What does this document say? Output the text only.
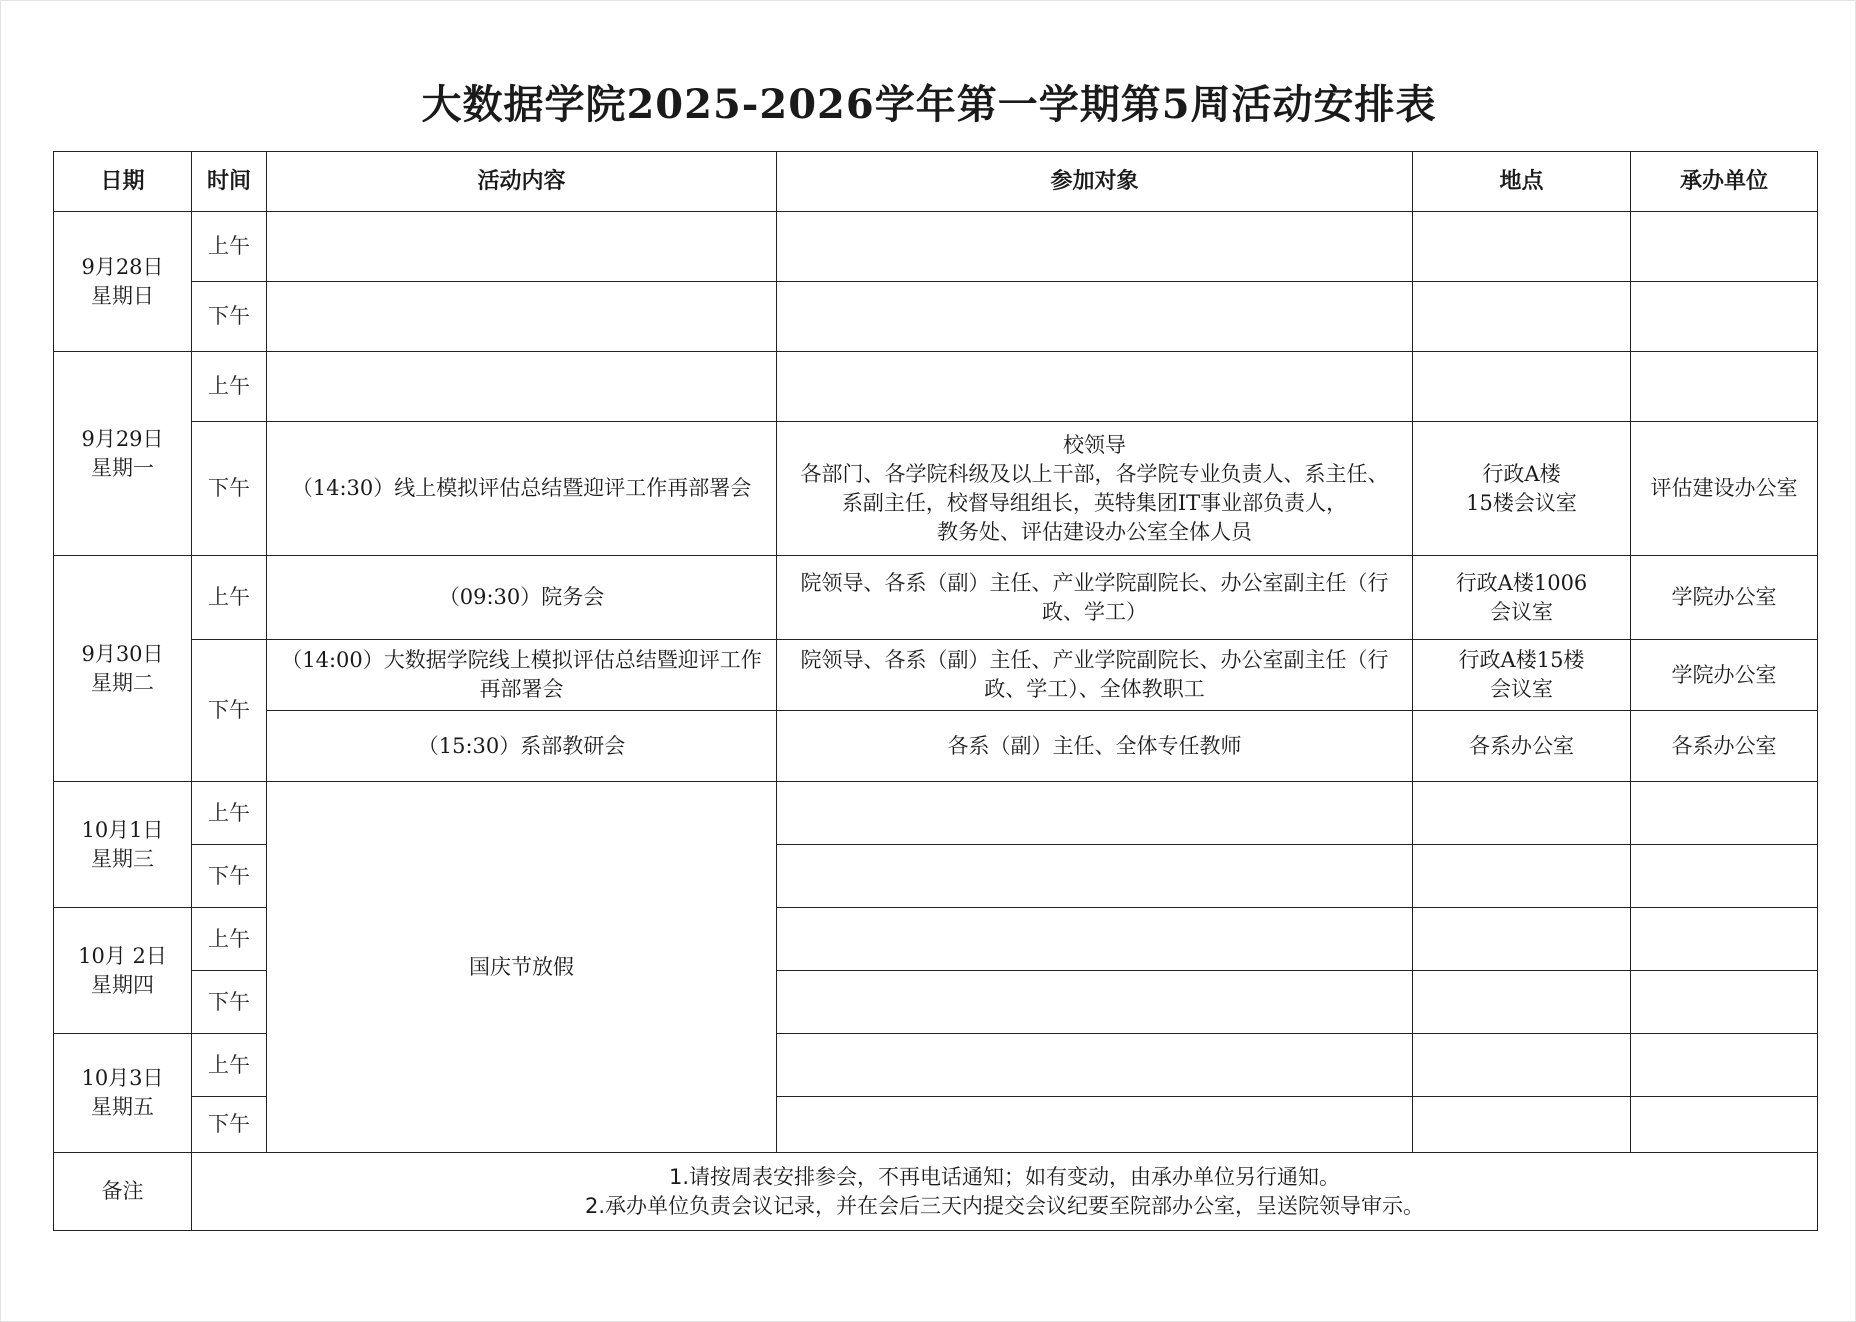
大数据学院2025-2026学年第一学期第5周活动安排表
日期	时间	活动内容	参加对象	地点	承办单位

9月28日
星期日	上午				
	下午				

9月29日
星期一	上午				
	下午	（14:30）线上模拟评估总结暨迎评工作再部署会	校领导
各部门、各学院科级及以上干部，各学院专业负责人、系主任、
系副主任，校督导组组长，英特集团IT事业部负责人，
教务处、评估建设办公室全体人员	行政A楼
15楼会议室	评估建设办公室

9月30日
星期二	上午	（09:30）院务会	院领导、各系（副）主任、产业学院副院长、办公室副主任（行
政、学工）	行政A楼1006
会议室	学院办公室
	下午	（14:00）大数据学院线上模拟评估总结暨迎评工作
再部署会	院领导、各系（副）主任、产业学院副院长、办公室副主任（行
政、学工）、全体教职工	行政A楼15楼
会议室	学院办公室
		（15:30）系部教研会	各系（副）主任、全体专任教师	各系办公室	各系办公室

10月1日
星期三	上午	国庆节放假			
	下午				

10月 2日
星期四	上午				
	下午				

10月3日
星期五	上午				
	下午				
备注	1.请按周表安排参会，不再电话通知；如有变动，由承办单位另行通知。
2.承办单位负责会议记录，并在会后三天内提交会议纪要至院部办公室，呈送院领导审示。				
